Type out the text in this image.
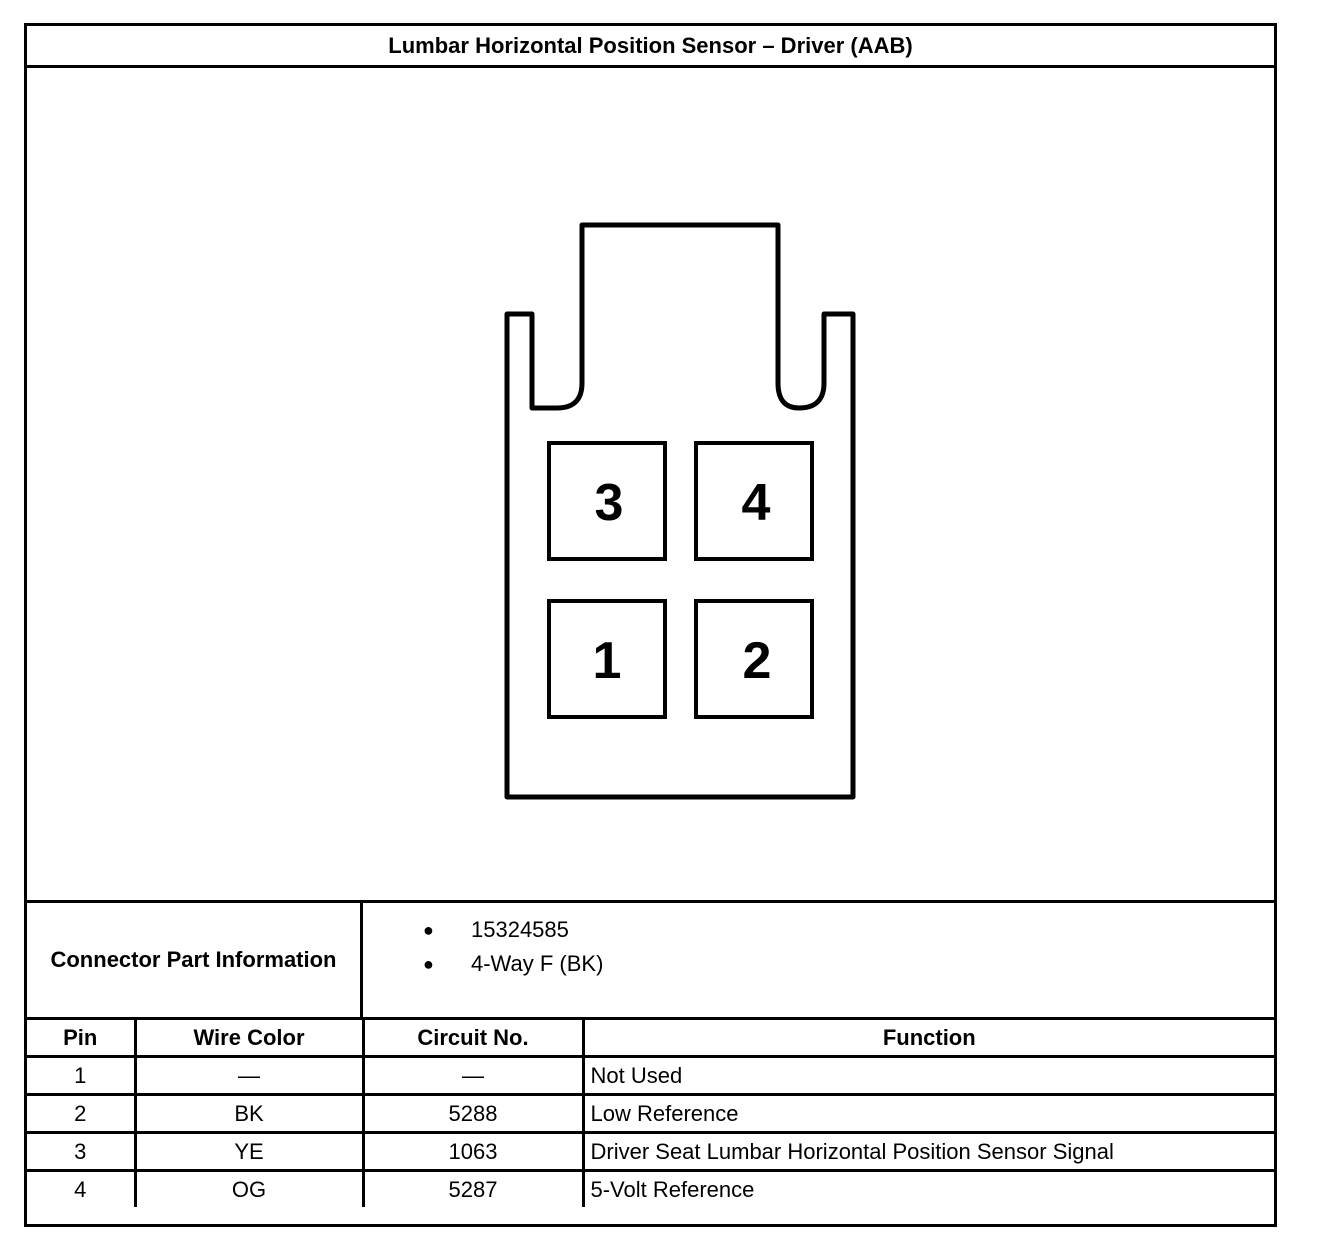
Lumbar Horizontal Position Sensor – Driver (AAB)
3 4
1 2
Connector Part Information
● 15324585
● 4-Way F (BK)
Pin	Wire Color	Circuit No.	Function
1	—	—	Not Used
2	BK	5288	Low Reference
3	YE	1063	Driver Seat Lumbar Horizontal Position Sensor Signal
4	OG	5287	5-Volt Reference
